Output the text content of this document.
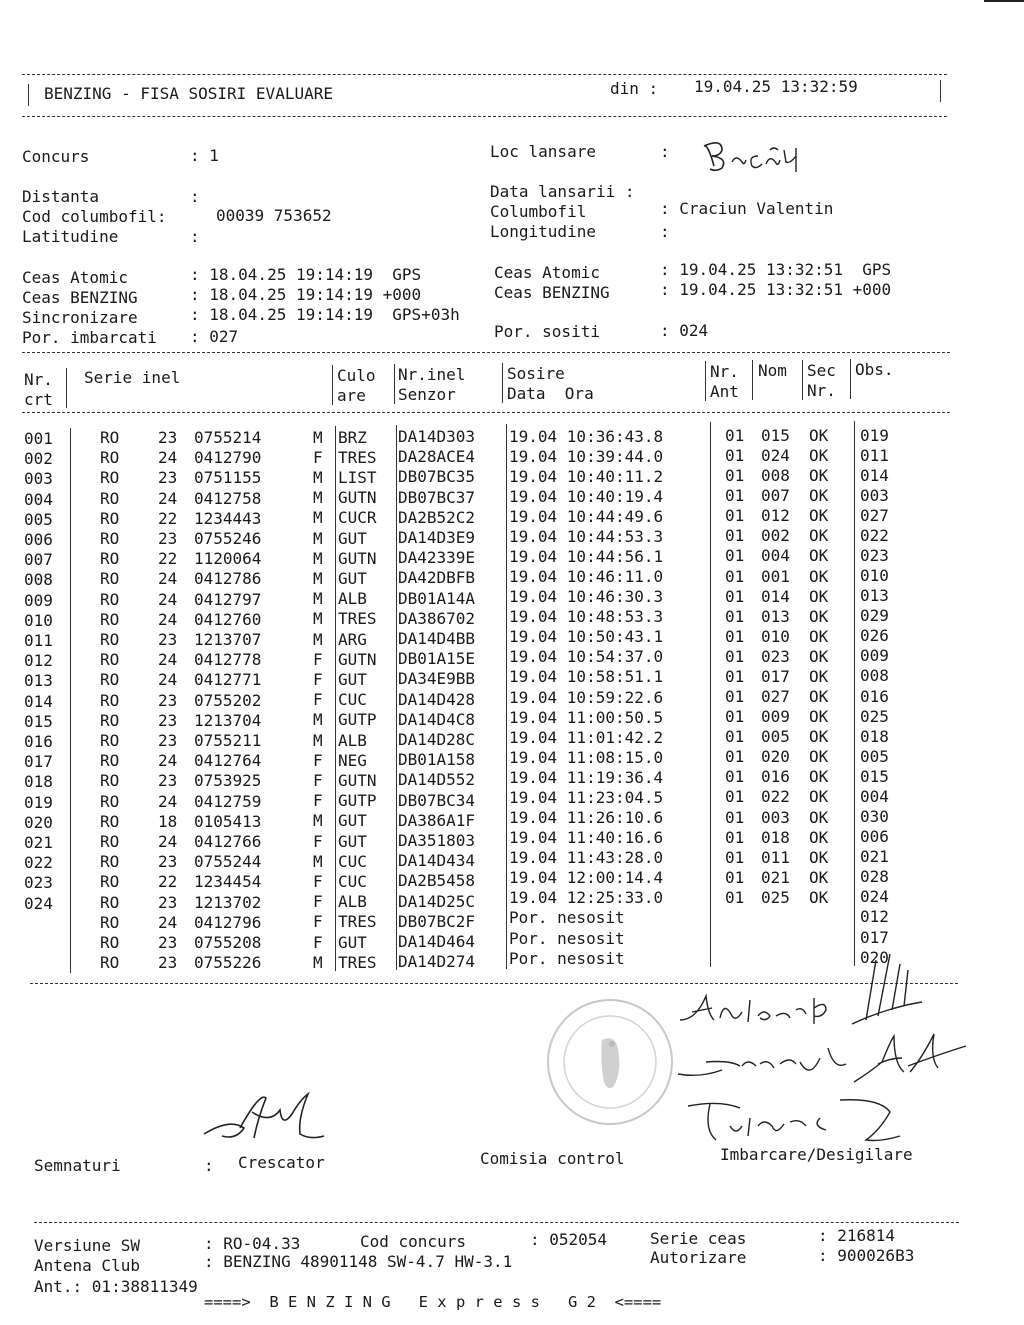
BENZING - FISA SOSIRI EVALUARE	din : 19.04.25 13:32:59
Concurs	: 1
Distanta	:
Cod columbofil:	00039 753652
Latitudine	:
Loc lansare	:
Data lansarii :
Columbofil	: Craciun Valentin
Longitudine	:
Ceas Atomic	: 18.04.25 19:14:19  GPS
Ceas BENZING	: 18.04.25 19:14:19 +000
Sincronizare	: 18.04.25 19:14:19  GPS+03h
Por. imbarcati : 027
Ceas Atomic	: 19.04.25 13:32:51  GPS
Ceas BENZING	: 19.04.25 13:32:51 +000
Por. sositi	: 024
Nr.
crt
Serie inel	Culo
are
Nr.inel
Senzor
Sosire
Data  Ora
Nr.
Ant
Nom Sec
Nr.
Obs.
001	RO 23 0755214	M BRZ DA14D303 19.04 10:36:43.8	01 015 OK 019
002	RO 24 0412790	F TRES DA28ACE4 19.04 10:39:44.0	01 024 OK 011
003	RO 23 0751155	M LIST DB07BC35 19.04 10:40:11.2	01 008 OK 014
004	RO 24 0412758	M GUTN DB07BC37 19.04 10:40:19.4	01 007 OK 003
005	RO 22 1234443	M CUCR DA2B52C2 19.04 10:44:49.6	01 012 OK 027
006	RO 23 0755246	M GUT DA14D3E9 19.04 10:44:53.3	01 002 OK 022
007	RO 22 1120064	M GUTN DA42339E 19.04 10:44:56.1	01 004 OK 023
008	RO 24 0412786	M GUT DA42DBFB 19.04 10:46:11.0	01 001 OK 010
009	RO 24 0412797	M ALB DB01A14A 19.04 10:46:30.3	01 014 OK 013
010	RO 24 0412760	M TRES DA386702 19.04 10:48:53.3	01 013 OK 029
011	RO 23 1213707	M ARG DA14D4BB 19.04 10:50:43.1	01 010 OK 026
012	RO 24 0412778	F GUTN DB01A15E 19.04 10:54:37.0	01 023 OK 009
013	RO 24 0412771	F GUT DA34E9BB 19.04 10:58:51.1	01 017 OK 008
014	RO 23 0755202	F CUC DA14D428 19.04 10:59:22.6	01 027 OK 016
015	RO 23 1213704	M GUTP DA14D4C8 19.04 11:00:50.5	01 009 OK 025
016	RO 23 0755211	M ALB DA14D28C 19.04 11:01:42.2	01 005 OK 018
017	RO 24 0412764	F NEG DB01A158 19.04 11:08:15.0	01 020 OK 005
018	RO 23 0753925	F GUTN DA14D552 19.04 11:19:36.4	01 016 OK 015
019	RO 24 0412759	F GUTP DB07BC34 19.04 11:23:04.5	01 022 OK 004
020	RO 18 0105413	M GUT DA386A1F 19.04 11:26:10.6	01 003 OK 030
021	RO 24 0412766	F GUT DA351803 19.04 11:40:16.6	01 018 OK 006
022	RO 23 0755244	M CUC DA14D434 19.04 11:43:28.0	01 011 OK 021
023	RO 22 1234454	F CUC DA2B5458 19.04 12:00:14.4	01 021 OK 028
024	RO 23 1213702	F ALB DA14D25C 19.04 12:25:33.0	01 025 OK 024
RO 24 0412796	F TRES DB07BC2F Por. nesosit	012
RO 23 0755208	F GUT DA14D464 Por. nesosit	017
RO 23 0755226	M TRES DA14D274 Por. nesosit	020
Semnaturi	: Crescator	Comisia control	Imbarcare/Desigilare
Versiune SW	: RO-04.33	Cod concurs	: 052054	Serie ceas	: 216814
Antena Club	: BENZING 48901148 SW-4.7 HW-3.1	Autorizare	: 900026B3
Ant.: 01:38811349
====>  B E N Z I N G   E x p r e s s   G 2  <====
